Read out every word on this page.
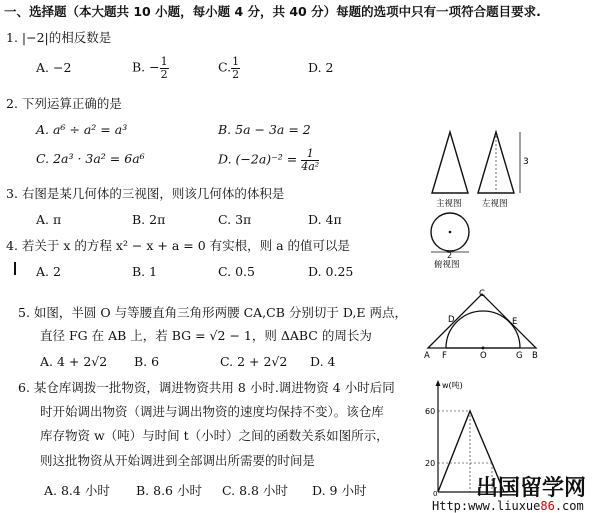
一、选择题（本大题共 10 小题，每小题 4 分，共 40 分）每题的选项中只有一项符合题目要求.
1. |−2|的相反数是
A. −2	B. − $\frac{1}{2}$	C. $\frac{1}{2}$	D. 2
2. 下列运算正确的是
A. a⁶ ÷ a² = a³	B. 5a − 3a = 2
C. 2a³ · 3a² = 6a⁶	D. $(-2a)^{-2} = \frac{1}{\text{4a²}}$
3. 右图是某几何体的三视图，则该几何体的体积是
A. π	B. 2π	C. 3π	D. 4π
4. 若关于 x 的方程 x² − x + a = 0 有实根，则 a 的值可以是
A. 2	B. 1	C. 0.5	D. 0.25
5. 如图，半圆 O 与等腰直角三角形两腰 CA,CB 分别切于 D,E 两点，
直径 FG 在 AB 上，若 BG = √2 − 1，则 ΔABC 的周长为
A. 4 + 2√2 B. 6	C. 2 + 2√2 D. 4
6. 某仓库调拨一批物资，调进物资共用 8 小时.调进物资 4 小时后同
时开始调出物资（调进与调出物资的速度均保持不变）。该仓库
库存物资 w（吨）与时间 t（小时）之间的函数关系如图所示，
则这批物资从开始调进到全部调出所需要的时间是
A. 8.4 小时 B. 8.6 小时 C. 8.8 小时 D. 9 小时
3
主视图 左视图
2
俯视图
C
D	E
A F	O	G B
w(吨)
60
20
0 出国留学网
Http:www.liuxue86.com
